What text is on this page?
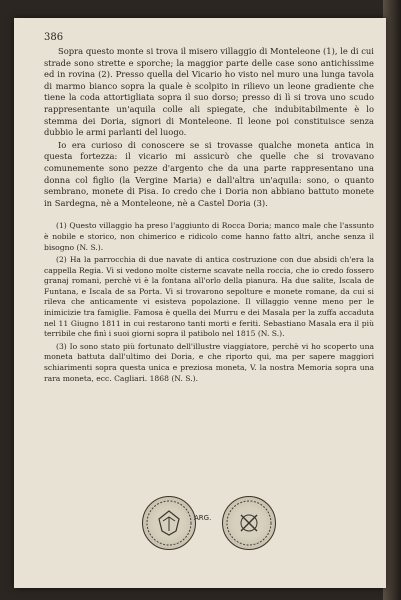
386

Sopra questo monte si trova il misero villaggio di Monteleone (1), le di cui strade sono strette e sporche; la maggior parte delle case sono antichissime ed in rovina (2). Presso quella del Vicario ho visto nel muro una lunga tavola di marmo bianco sopra la quale è scolpito in rilievo un leone gradiente che tiene la coda attortigliata sopra il suo dorso; presso di lì si trova uno scudo rappresentante un'aquila colle ali spiegate, che indubitabilmente è lo stemma dei Doria, signori di Monteleone. Il leone poi constituisce senza dubbio le armi parlanti del luogo.

Io era curioso di conoscere se si trovasse qualche moneta antica in questa fortezza: il vicario mi assicurò che quelle che si trovavano comunemente sono pezze d'argento che da una parte rappresentano una donna col figlio (la Vergine Maria) e dall'altra un'aquila: sono, o quanto sembrano, monete di Pisa. Io credo che i Doria non abbiano battuto monete in Sardegna, nè a Monteleone, nè a Castel Doria (3).

(1) Questo villaggio ha preso l'aggiunto di Rocca Doria; manco male che l'assunto è nobile e storico, non chimerico e ridicolo come hanno fatto altri, anche senza il bisogno (N. S.).

(2) Ha la parrocchia di due navate di antica costruzione con due absidi ch'era la cappella Regia. Vi si vedono molte cisterne scavate nella roccia, che io credo fossero granaj romani, perchè vi è la fontana all'orlo della pianura. Ha due salite, Iscala de Funtana, e Iscala de sa Porta. Vi si trovarono sepolture e monete romane, da cui si rileva che anticamente vi esisteva popolazione. Il villaggio venne meno per le inimicizie tra famiglie. Famosa è quella dei Murru e dei Masala per la zuffa accaduta nel 11 Giugno 1811 in cui restarono tanti morti e feriti. Sebastiano Masala era il più terribile che finì i suoi giorni sopra il patibolo nel 1815 (N. S.).

(3) Io sono stato più fortunato dell'illustre viaggiatore, perchè vi ho scoperto una moneta battuta dall'ultimo dei Doria, e che riporto qui, ma per sapere maggiori schiarimenti sopra questa unica e preziosa moneta, V. la nostra Memoria sopra una rara moneta, ecc. Cagliari. 1868 (N. S.).

ARG.
